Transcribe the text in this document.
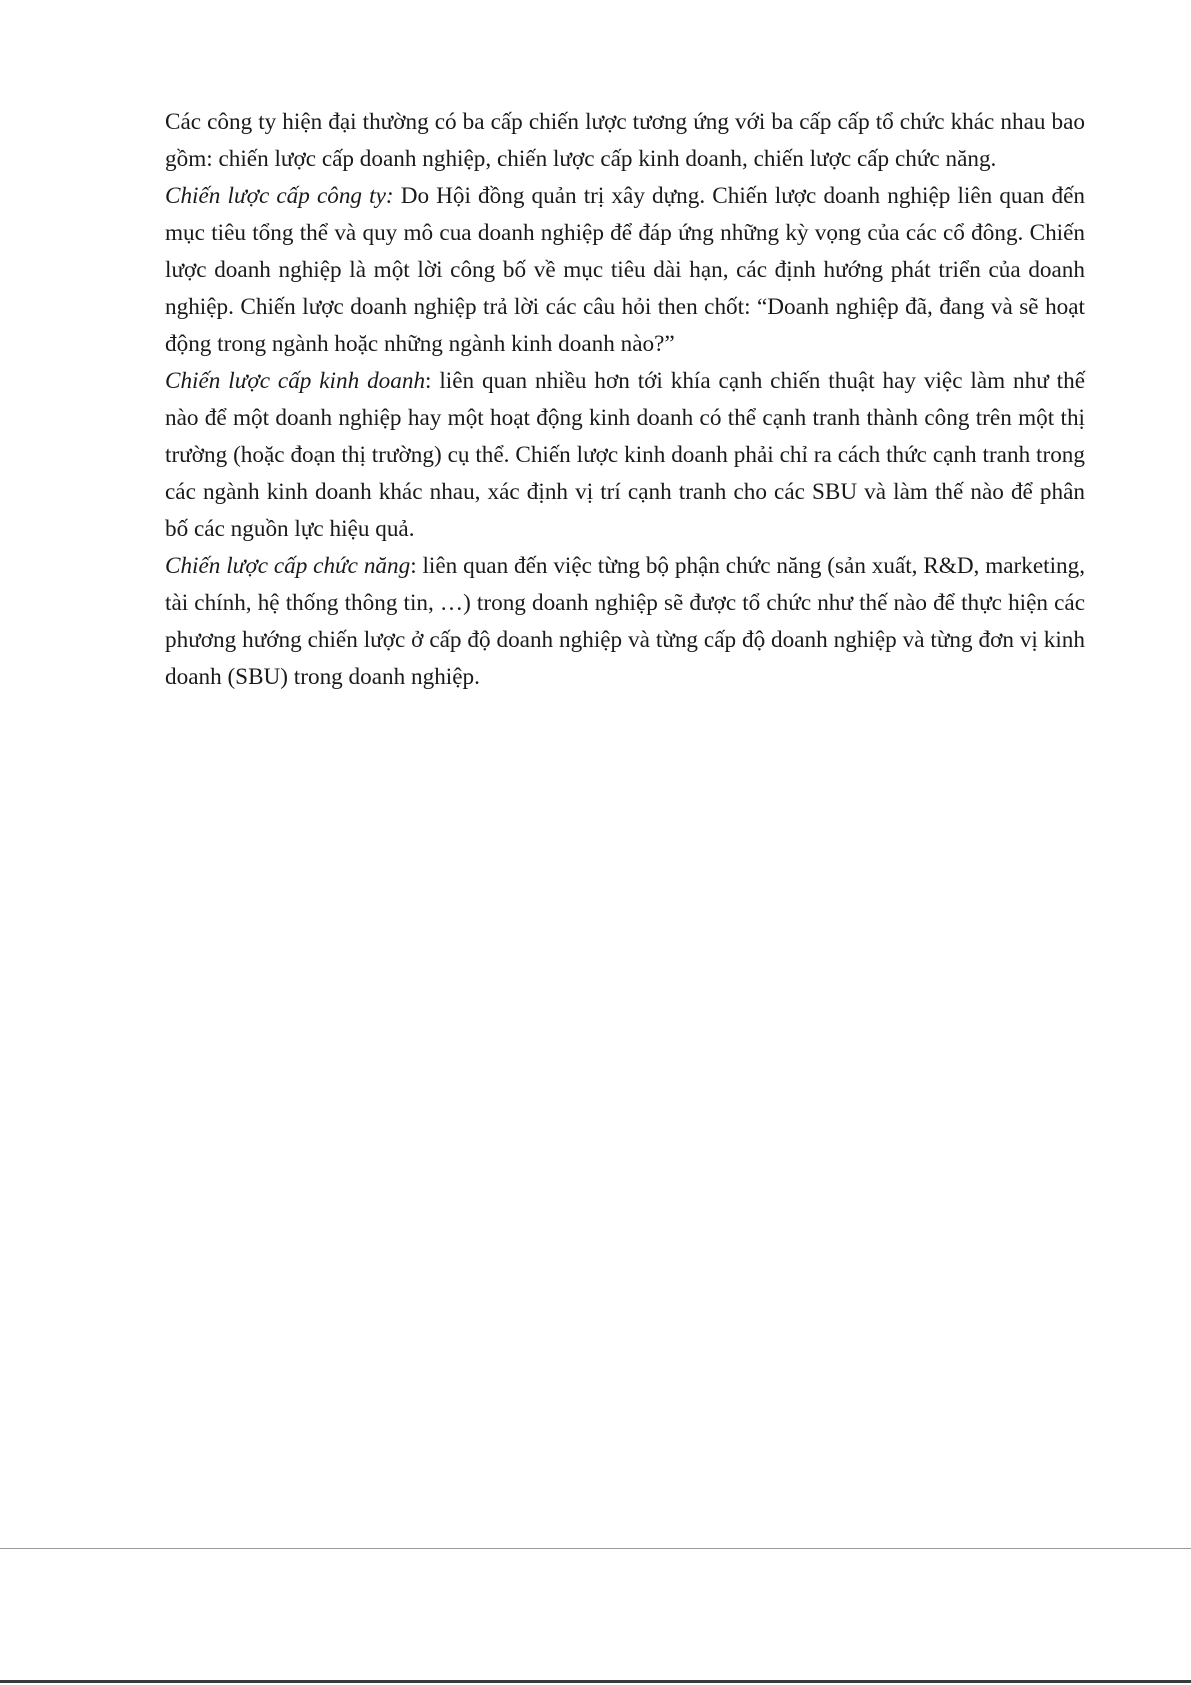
Các công ty hiện đại thường có ba cấp chiến lược tương ứng với ba cấp cấp tổ chức khác nhau bao gồm: chiến lược cấp doanh nghiệp, chiến lược cấp kinh doanh, chiến lược cấp chức năng.

Chiến lược cấp công ty: Do Hội đồng quản trị xây dựng. Chiến lược doanh nghiệp liên quan đến mục tiêu tổng thể và quy mô cua doanh nghiệp để đáp ứng những kỳ vọng của các cổ đông. Chiến lược doanh nghiệp là một lời công bố về mục tiêu dài hạn, các định hướng phát triển của doanh nghiệp. Chiến lược doanh nghiệp trả lời các câu hỏi then chốt: “Doanh nghiệp đã, đang và sẽ hoạt động trong ngành hoặc những ngành kinh doanh nào?”

Chiến lược cấp kinh doanh: liên quan nhiều hơn tới khía cạnh chiến thuật hay việc làm như thế nào để một doanh nghiệp hay một hoạt động kinh doanh có thể cạnh tranh thành công trên một thị trường (hoặc đoạn thị trường) cụ thể. Chiến lược kinh doanh phải chỉ ra cách thức cạnh tranh trong các ngành kinh doanh khác nhau, xác định vị trí cạnh tranh cho các SBU và làm thế nào để phân bố các nguồn lực hiệu quả.

Chiến lược cấp chức năng: liên quan đến việc từng bộ phận chức năng (sản xuất, R&D, marketing, tài chính, hệ thống thông tin, …) trong doanh nghiệp sẽ được tổ chức như thế nào để thực hiện các phương hướng chiến lược ở cấp độ doanh nghiệp và từng cấp độ doanh nghiệp và từng đơn vị kinh doanh (SBU) trong doanh nghiệp.
